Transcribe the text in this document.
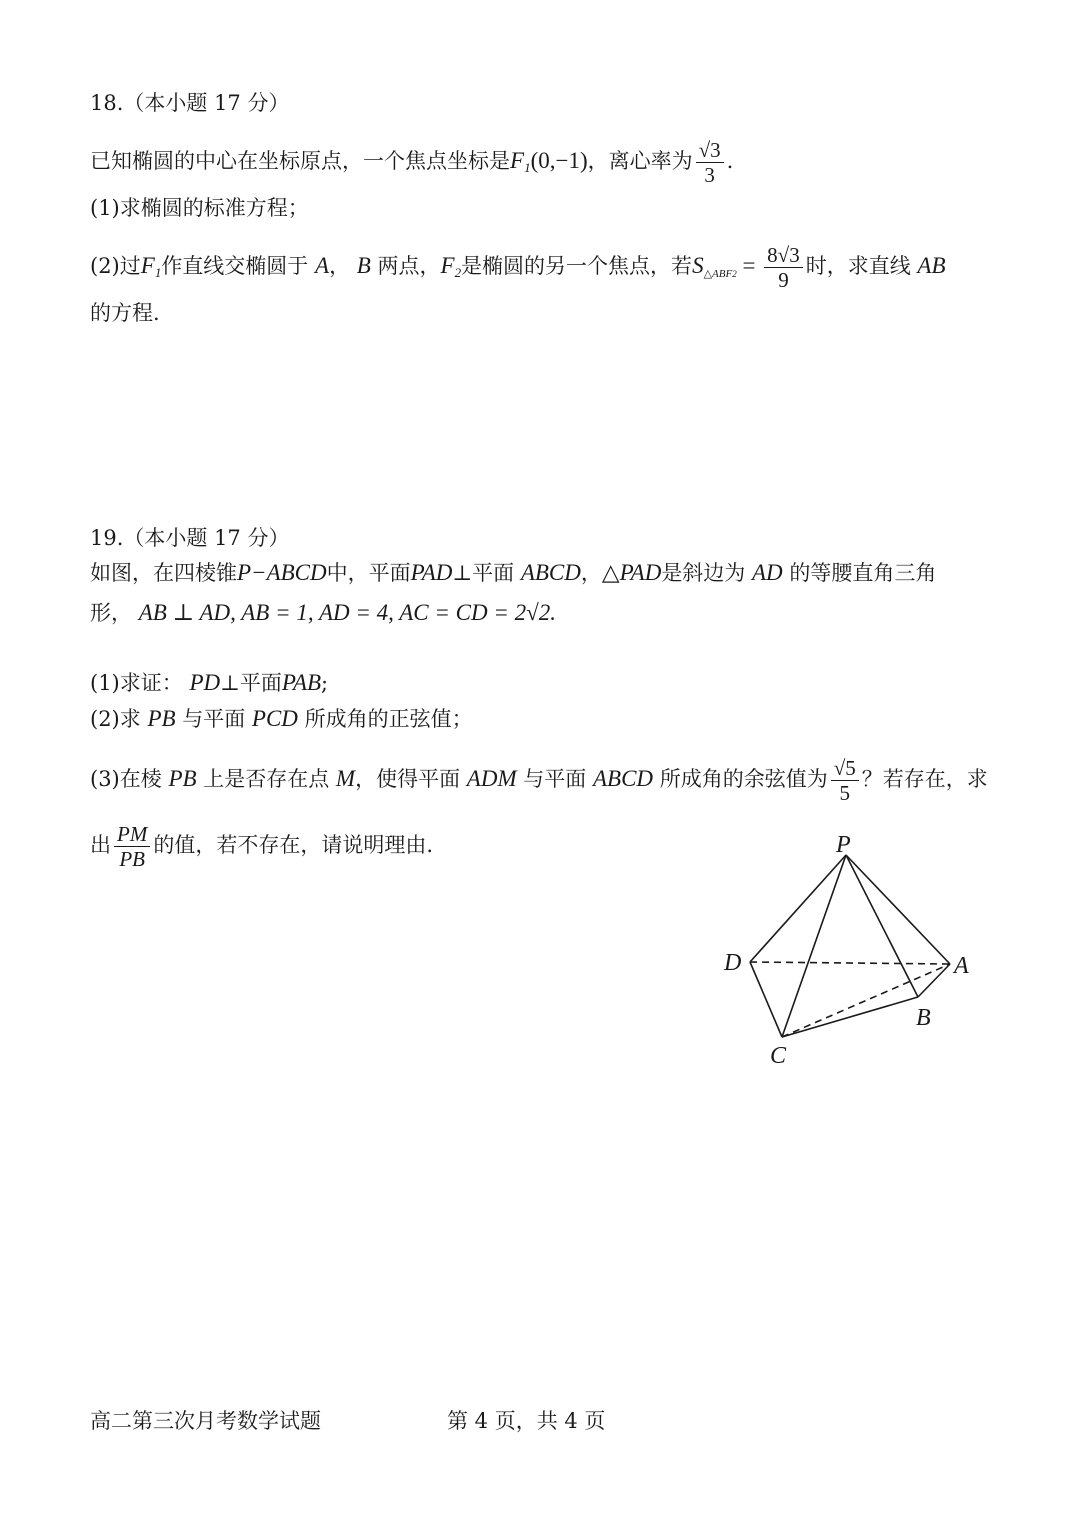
18.（本小题 17 分）
已知椭圆的中心在坐标原点，一个焦点坐标是$F_1(0,-1)$，离心率为 $\frac{√3}{3}$ .
(1)求椭圆的标准方程；
(2)过$F_1$作直线交椭圆于 A， B 两点，$F_2$是椭圆的另一个焦点，若$S_{\triangle ABF2} = \frac{8√3}{9}$ 时，求直线 AB
的方程.
19.（本小题 17 分）
如图，在四棱锥P−ABCD中，平面PAD⊥平面 ABCD，△PAD是斜边为 AD 的等腰直角三角
形， AB ⊥ AD, AB = 1, AD = 4, AC = CD = 2√2.
(1)求证： PD⊥平面PAB;
(2)求 PB 与平面 PCD 所成角的正弦值；
(3)在棱 PB 上是否存在点 M，使得平面 ADM 与平面 ABCD 所成角的余弦值为 $\frac{√5}{5}$ ？若存在，求
出 $\frac{PM}{PB}$ 的值，若不存在，请说明理由.	P
D	A
B
C
高二第三次月考数学试题	第 4 页，共 4 页
